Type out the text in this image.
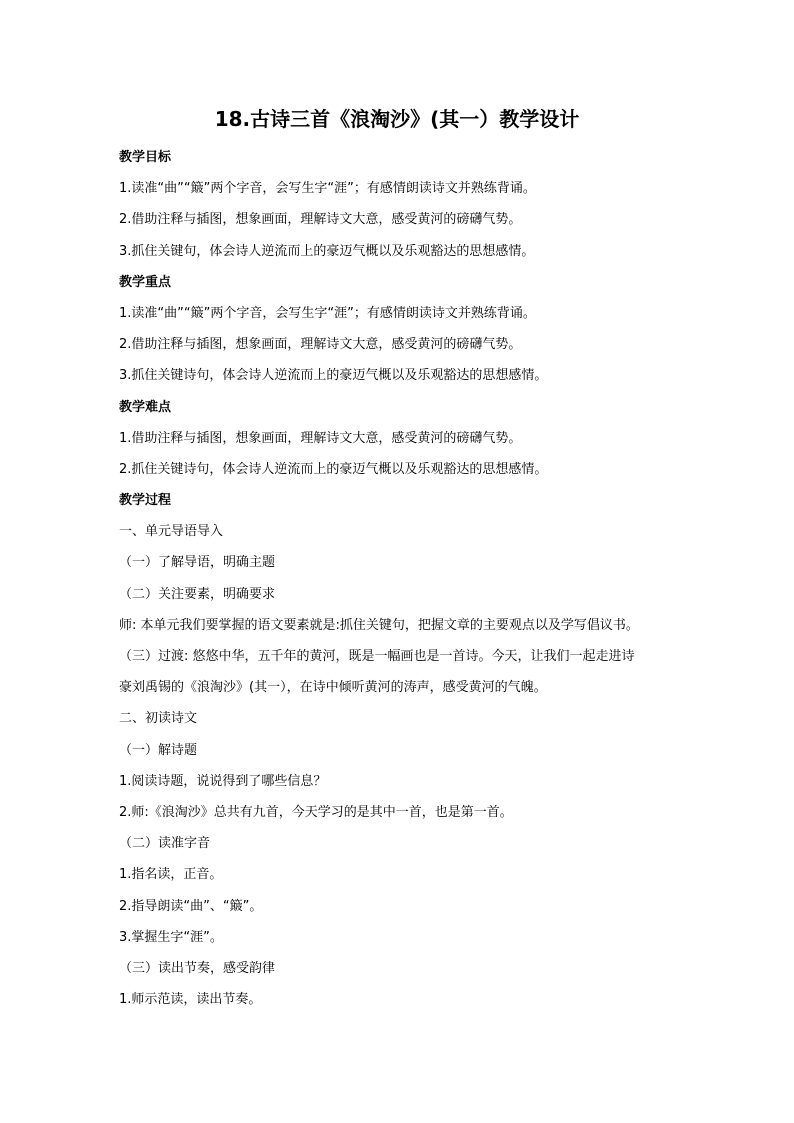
18.古诗三首《浪淘沙》(其一）教学设计
教学目标
1.读准“曲”“簸”两个字音，会写生字“涯”；有感情朗读诗文并熟练背诵。
2.借助注释与插图，想象画面，理解诗文大意，感受黄河的磅礴气势。
3.抓住关键句，体会诗人逆流而上的豪迈气概以及乐观豁达的思想感情。
教学重点
1.读准“曲”“簸”两个字音，会写生字“涯”；有感情朗读诗文并熟练背诵。
2.借助注释与插图，想象画面，理解诗文大意，感受黄河的磅礴气势。
3.抓住关键诗句，体会诗人逆流而上的豪迈气概以及乐观豁达的思想感情。
教学难点
1.借助注释与插图，想象画面，理解诗文大意，感受黄河的磅礴气势。
2.抓住关键诗句，体会诗人逆流而上的豪迈气概以及乐观豁达的思想感情。
教学过程
一、单元导语导入
（一）了解导语，明确主题
（二）关注要素，明确要求
师: 本单元我们要掌握的语文要素就是:抓住关键句，把握文章的主要观点以及学写倡议书。
（三）过渡: 悠悠中华，五千年的黄河，既是一幅画也是一首诗。今天，让我们一起走进诗
豪刘禹锡的《浪淘沙》(其一），在诗中倾听黄河的涛声，感受黄河的气魄。
二、初读诗文
（一）解诗题
1.阅读诗题，说说得到了哪些信息？
2.师:《浪淘沙》总共有九首，今天学习的是其中一首，也是第一首。
（二）读准字音
1.指名读，正音。
2.指导朗读“曲”、“簸”。
3.掌握生字“涯”。
（三）读出节奏，感受韵律
1.师示范读，读出节奏。
